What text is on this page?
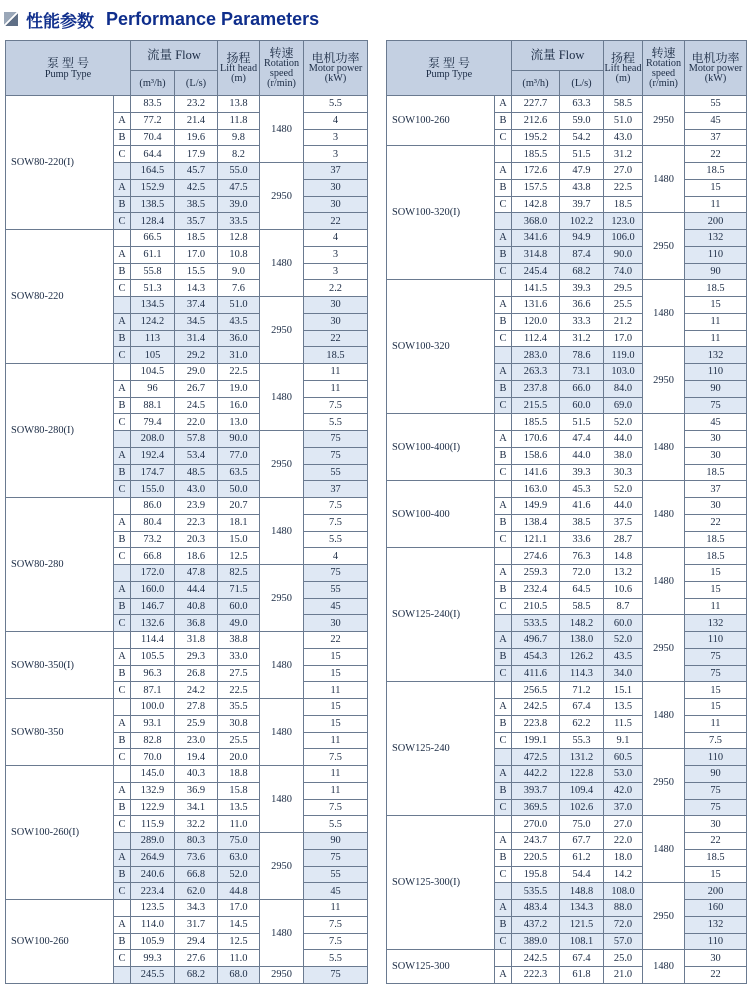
性能参数 Performance Parameters
泵 型 号
Pump Type		流量 Flow		扬程
Lift head
(m)	转速
Rotation speed
(r/min)	电机功率
Motor power
(kW)
		(m³/h)	(L/s)			
SOW80-220(I)		83.5	23.2	13.8	1480	5.5
	A	77.2	21.4	11.8		4
	B	70.4	19.6	9.8		3
	C	64.4	17.9	8.2		3
		164.5	45.7	55.0	2950	37
	A	152.9	42.5	47.5		30
	B	138.5	38.5	39.0		30
	C	128.4	35.7	33.5		22
SOW80-220		66.5	18.5	12.8	1480	4
	A	61.1	17.0	10.8		3
	B	55.8	15.5	9.0		3
	C	51.3	14.3	7.6		2.2
		134.5	37.4	51.0	2950	30
	A	124.2	34.5	43.5		30
	B	113	31.4	36.0		22
	C	105	29.2	31.0		18.5
SOW80-280(I)		104.5	29.0	22.5	1480	11
	A	96	26.7	19.0		11
	B	88.1	24.5	16.0		7.5
	C	79.4	22.0	13.0		5.5
		208.0	57.8	90.0	2950	75
	A	192.4	53.4	77.0		75
	B	174.7	48.5	63.5		55
	C	155.0	43.0	50.0		37
SOW80-280		86.0	23.9	20.7	1480	7.5
	A	80.4	22.3	18.1		7.5
	B	73.2	20.3	15.0		5.5
	C	66.8	18.6	12.5		4
		172.0	47.8	82.5	2950	75
	A	160.0	44.4	71.5		55
	B	146.7	40.8	60.0		45
	C	132.6	36.8	49.0		30
SOW80-350(I)		114.4	31.8	38.8	1480	22
	A	105.5	29.3	33.0		15
	B	96.3	26.8	27.5		15
	C	87.1	24.2	22.5		11
SOW80-350		100.0	27.8	35.5	1480	15
	A	93.1	25.9	30.8		15
	B	82.8	23.0	25.5		11
	C	70.0	19.4	20.0		7.5
SOW100-260(I)		145.0	40.3	18.8	1480	11
	A	132.9	36.9	15.8		11
	B	122.9	34.1	13.5		7.5
	C	115.9	32.2	11.0		5.5
		289.0	80.3	75.0	2950	90
	A	264.9	73.6	63.0		75
	B	240.6	66.8	52.0		55
	C	223.4	62.0	44.8		45
SOW100-260		123.5	34.3	17.0	1480	11
	A	114.0	31.7	14.5		7.5
	B	105.9	29.4	12.5		7.5
	C	99.3	27.6	11.0		5.5
		245.5	68.2	68.0	2950	75
泵 型 号
Pump Type		流量 Flow		扬程
Lift head
(m)	转速
Rotation speed
(r/min)	电机功率
Motor power
(kW)
		(m³/h)	(L/s)			
SOW100-260	A	227.7	63.3	58.5	2950	55
	B	212.6	59.0	51.0		45
	C	195.2	54.2	43.0		37
SOW100-320(I)		185.5	51.5	31.2	1480	22
	A	172.6	47.9	27.0		18.5
	B	157.5	43.8	22.5		15
	C	142.8	39.7	18.5		11
		368.0	102.2	123.0	2950	200
	A	341.6	94.9	106.0		132
	B	314.8	87.4	90.0		110
	C	245.4	68.2	74.0		90
SOW100-320		141.5	39.3	29.5	1480	18.5
	A	131.6	36.6	25.5		15
	B	120.0	33.3	21.2		11
	C	112.4	31.2	17.0		11
		283.0	78.6	119.0	2950	132
	A	263.3	73.1	103.0		110
	B	237.8	66.0	84.0		90
	C	215.5	60.0	69.0		75
SOW100-400(I)		185.5	51.5	52.0	1480	45
	A	170.6	47.4	44.0		30
	B	158.6	44.0	38.0		30
	C	141.6	39.3	30.3		18.5
SOW100-400		163.0	45.3	52.0	1480	37
	A	149.9	41.6	44.0		30
	B	138.4	38.5	37.5		22
	C	121.1	33.6	28.7		18.5
SOW125-240(I)		274.6	76.3	14.8	1480	18.5
	A	259.3	72.0	13.2		15
	B	232.4	64.5	10.6		15
	C	210.5	58.5	8.7		11
		533.5	148.2	60.0	2950	132
	A	496.7	138.0	52.0		110
	B	454.3	126.2	43.5		75
	C	411.6	114.3	34.0		75
SOW125-240		256.5	71.2	15.1	1480	15
	A	242.5	67.4	13.5		15
	B	223.8	62.2	11.5		11
	C	199.1	55.3	9.1		7.5
		472.5	131.2	60.5	2950	110
	A	442.2	122.8	53.0		90
	B	393.7	109.4	42.0		75
	C	369.5	102.6	37.0		75
SOW125-300(I)		270.0	75.0	27.0	1480	30
	A	243.7	67.7	22.0		22
	B	220.5	61.2	18.0		18.5
	C	195.8	54.4	14.2		15
		535.5	148.8	108.0	2950	200
	A	483.4	134.3	88.0		160
	B	437.2	121.5	72.0		132
	C	389.0	108.1	57.0		110
SOW125-300		242.5	67.4	25.0	1480	30
	A	222.3	61.8	21.0		22
